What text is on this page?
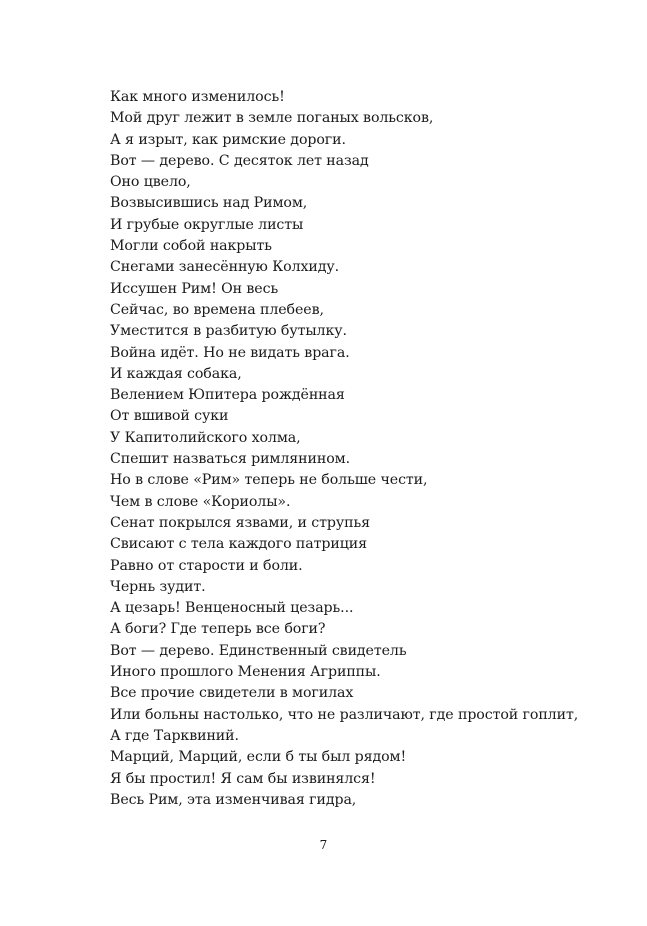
Как много изменилось!
Мой друг лежит в земле поганых вольсков,
А я изрыт, как римские дороги.
Вот — дерево. С десяток лет назад
Оно цвело,
Возвысившись над Римом,
И грубые округлые листы
Могли собой накрыть
Снегами занесённую Колхиду.
Иссушен Рим! Он весь
Сейчас, во времена плебеев,
Уместится в разбитую бутылку.
Война идёт. Но не видать врага.
И каждая собака,
Велением Юпитера рождённая
От вшивой суки
У Капитолийского холма,
Спешит назваться римлянином.
Но в слове «Рим» теперь не больше чести,
Чем в слове «Кориолы».
Сенат покрылся язвами, и струпья
Свисают с тела каждого патриция
Равно от старости и боли.
Чернь зудит.
А цезарь! Венценосный цезарь...
А боги? Где теперь все боги?
Вот — дерево. Единственный свидетель
Иного прошлого Менения Агриппы.
Все прочие свидетели в могилах
Или больны настолько, что не различают, где простой гоплит,
А где Тарквиний.
Марций, Марций, если б ты был рядом!
Я бы простил! Я сам бы извинялся!
Весь Рим, эта изменчивая гидра,
7
